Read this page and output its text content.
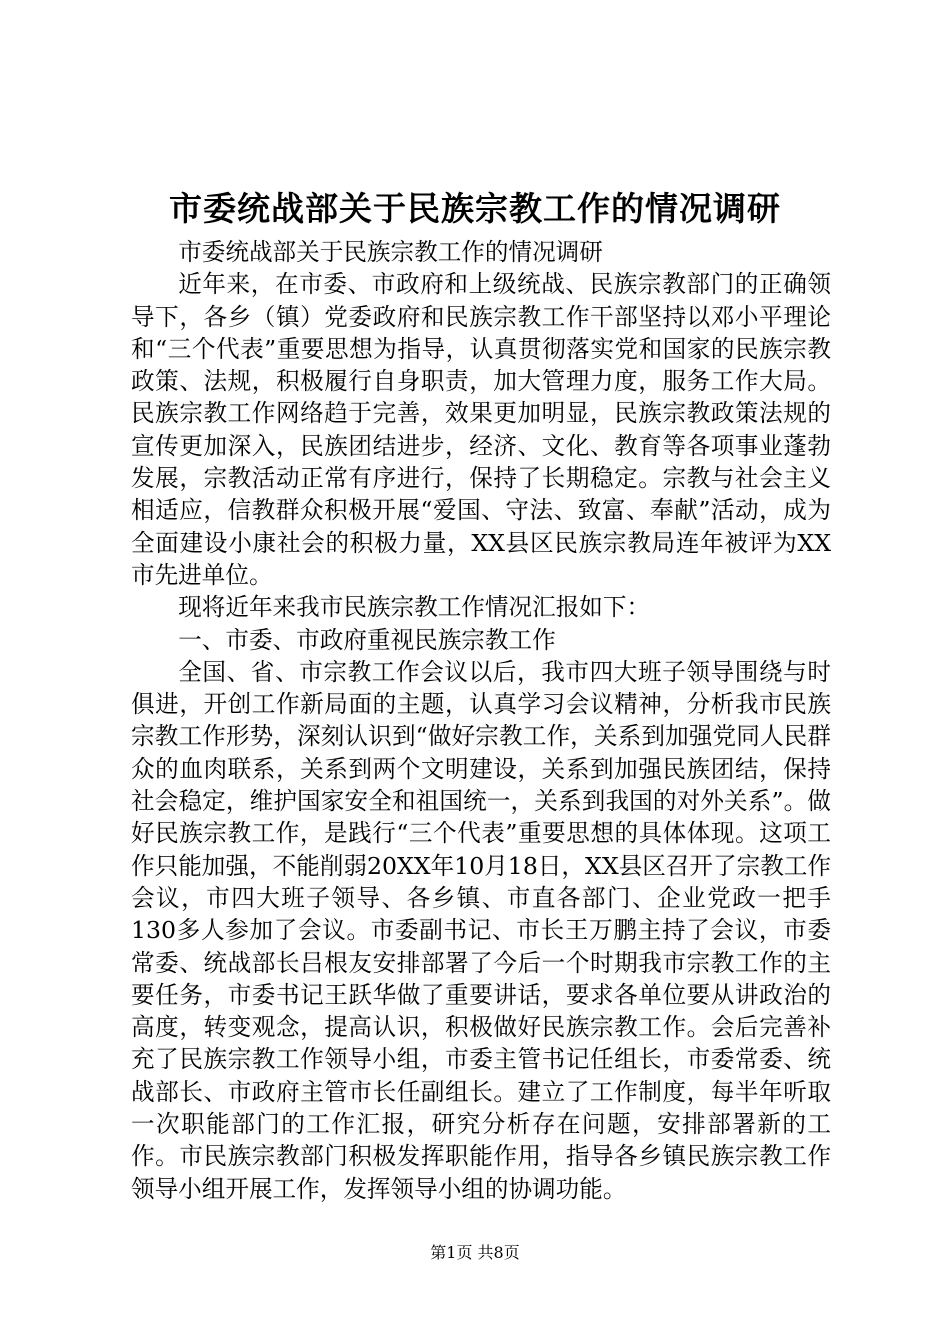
市委统战部关于民族宗教工作的情况调研

市委统战部关于民族宗教工作的情况调研

近年来，在市委、市政府和上级统战、民族宗教部门的正确领导下，各乡（镇）党委政府和民族宗教工作干部坚持以邓小平理论和“三个代表”重要思想为指导，认真贯彻落实党和国家的民族宗教政策、法规，积极履行自身职责，加大管理力度，服务工作大局。民族宗教工作网络趋于完善，效果更加明显，民族宗教政策法规的宣传更加深入，民族团结进步，经济、文化、教育等各项事业蓬勃发展，宗教活动正常有序进行，保持了长期稳定。宗教与社会主义相适应，信教群众积极开展“爱国、守法、致富、奉献”活动，成为全面建设小康社会的积极力量，XX县区民族宗教局连年被评为XX市先进单位。

现将近年来我市民族宗教工作情况汇报如下：

一、市委、市政府重视民族宗教工作

全国、省、市宗教工作会议以后，我市四大班子领导围绕与时俱进，开创工作新局面的主题，认真学习会议精神，分析我市民族宗教工作形势，深刻认识到“做好宗教工作，关系到加强党同人民群众的血肉联系，关系到两个文明建设，关系到加强民族团结，保持社会稳定，维护国家安全和祖国统一，关系到我国的对外关系”。做好民族宗教工作，是践行“三个代表”重要思想的具体体现。这项工作只能加强，不能削弱20XX年10月18日，XX县区召开了宗教工作会议，市四大班子领导、各乡镇、市直各部门、企业党政一把手130多人参加了会议。市委副书记、市长王万鹏主持了会议，市委常委、统战部长吕根友安排部署了今后一个时期我市宗教工作的主要任务，市委书记王跃华做了重要讲话，要求各单位要从讲政治的高度，转变观念，提高认识，积极做好民族宗教工作。会后完善补充了民族宗教工作领导小组，市委主管书记任组长，市委常委、统战部长、市政府主管市长任副组长。建立了工作制度，每半年听取一次职能部门的工作汇报，研究分析存在问题，安排部署新的工作。市民族宗教部门积极发挥职能作用，指导各乡镇民族宗教工作领导小组开展工作，发挥领导小组的协调功能。

第1页 共8页
